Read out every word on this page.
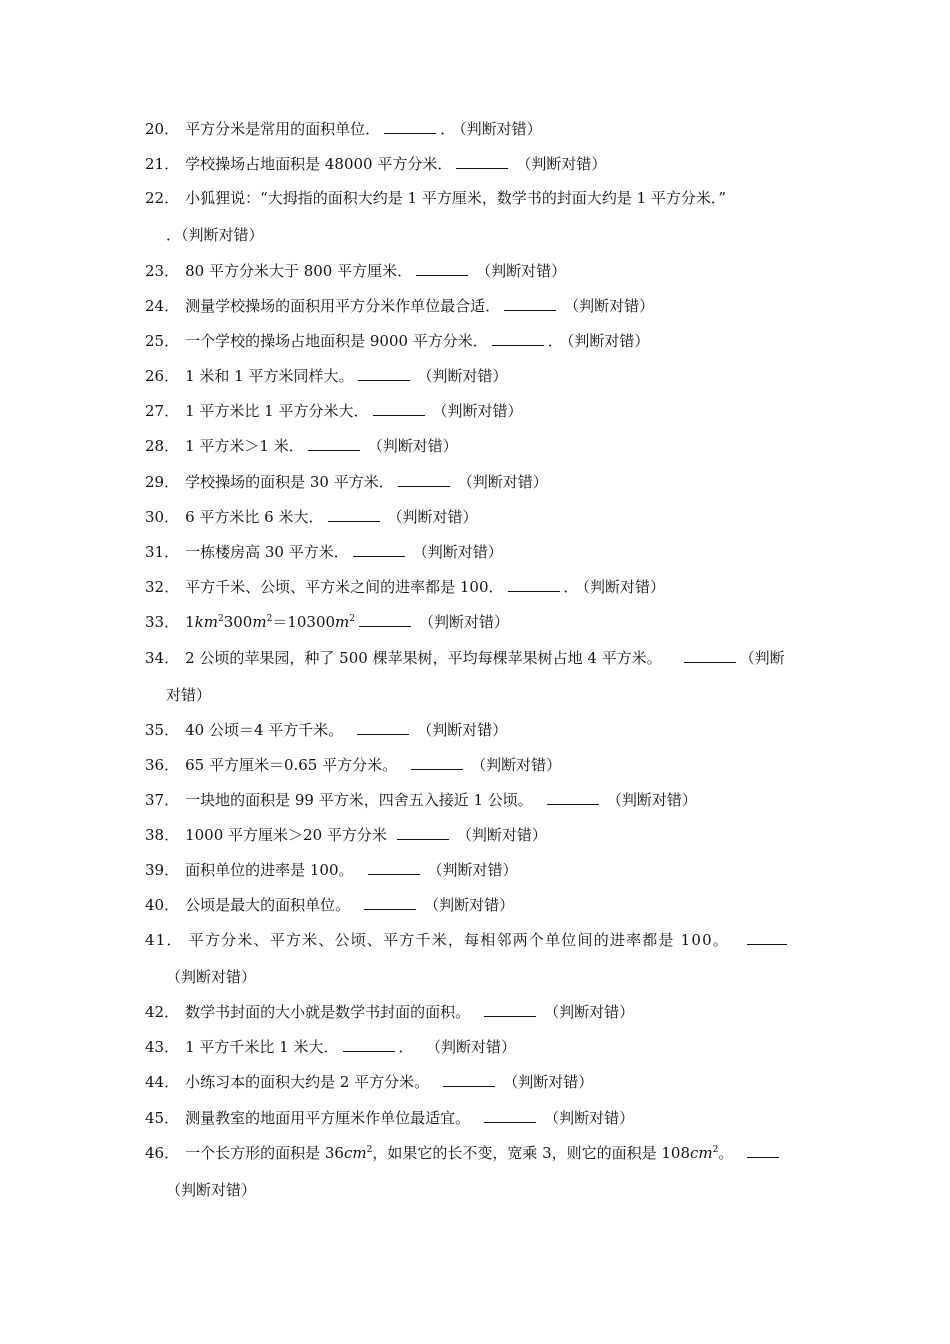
20． 平方分米是常用的面积单位．	． （判断对错）
21． 学校操场占地面积是 48000 平方分米．	（判断对错）
22． 小狐狸说：“大拇指的面积大约是 1 平方厘米，数学书的封面大约是 1 平方分米．”
．（判断对错）
23． 80 平方分米大于 800 平方厘米．	（判断对错）
24． 测量学校操场的面积用平方分米作单位最合适．	（判断对错）
25． 一个学校的操场占地面积是 9000 平方分米．	． （判断对错）
26． 1 米和 1 平方米同样大。	（判断对错）
27． 1 平方米比 1 平方分米大．	（判断对错）
28． 1 平方米＞1 米．	（判断对错）
29． 学校操场的面积是 30 平方米．	（判断对错）
30． 6 平方米比 6 米大．	（判断对错）
31． 一栋楼房高 30 平方米．	（判断对错）
32． 平方千米、公顷、平方米之间的进率都是 100．	． （判断对错）
33． $1km^2300m^2=10300m^2$	（判断对错）
34． 2 公顷的苹果园，种了 500 棵苹果树，平均每棵苹果树占地 4 平方米。	（判断
对错）
35． 40 公顷＝4 平方千米。	（判断对错）
36． 65 平方厘米＝0.65 平方分米。	（判断对错）
37． 一块地的面积是 99 平方米，四舍五入接近 1 公顷。	（判断对错）
38． 1000 平方厘米＞20 平方分米	（判断对错）
39． 面积单位的进率是 100。	（判断对错）
40． 公顷是最大的面积单位。	（判断对错）
41． 平方分米、平方米、公顷、平方千米，每相邻两个单位间的进率都是 100。
（判断对错）
42． 数学书封面的大小就是数学书封面的面积。	（判断对错）
43． 1 平方千米比 1 米大．	． （判断对错）
44． 小练习本的面积大约是 2 平方分米。	（判断对错）
45． 测量教室的地面用平方厘米作单位最适宜。	（判断对错）
46． 一个长方形的面积是 $36cm^2$，如果它的长不变，宽乘 3，则它的面积是 $108cm^2$。
（判断对错）
